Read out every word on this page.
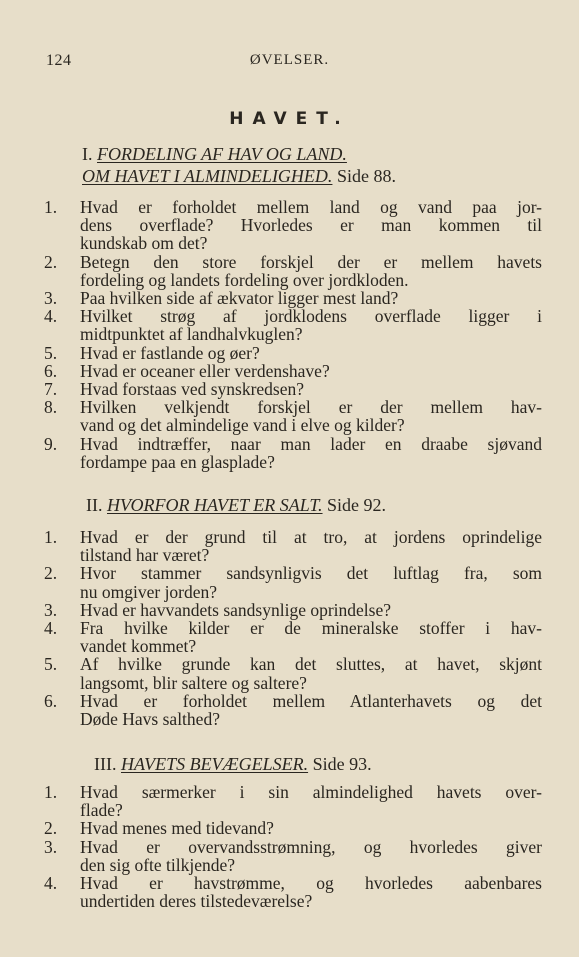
124	ØVELSER.
HAVET.
I. FORDELING AF HAV OG LAND.
OM HAVET I ALMINDELIGHED. Side 88.
1.	Hvad er forholdet mellem land og vand paa jor-
dens overflade? Hvorledes er man kommen til
kundskab om det?
2.	Betegn den store forskjel der er mellem havets
fordeling og landets fordeling over jordkloden.
3.	Paa hvilken side af ækvator ligger mest land?
4.	Hvilket strøg af jordklodens overflade ligger i
midtpunktet af landhalvkuglen?
5.	Hvad er fastlande og øer?
6.	Hvad er oceaner eller verdenshave?
7.	Hvad forstaas ved synskredsen?
8.	Hvilken velkjendt forskjel er der mellem hav-
vand og det almindelige vand i elve og kilder?
9.	Hvad indtræffer, naar man lader en draabe sjøvand
fordampe paa en glasplade?
II. HVORFOR HAVET ER SALT. Side 92.
1.	Hvad er der grund til at tro, at jordens oprindelige
tilstand har været?
2.	Hvor stammer sandsynligvis det luftlag fra, som
nu omgiver jorden?
3.	Hvad er havvandets sandsynlige oprindelse?
4.	Fra hvilke kilder er de mineralske stoffer i hav-
vandet kommet?
5.	Af hvilke grunde kan det sluttes, at havet, skjønt
langsomt, blir saltere og saltere?
6.	Hvad er forholdet mellem Atlanterhavets og det
Døde Havs salthed?
III. HAVETS BEVÆGELSER. Side 93.
1.	Hvad særmerker i sin almindelighed havets over-
flade?
2.	Hvad menes med tidevand?
3.	Hvad er overvandsstrømning, og hvorledes giver
den sig ofte tilkjende?
4.	Hvad er havstrømme, og hvorledes aabenbares
undertiden deres tilstedeværelse?
